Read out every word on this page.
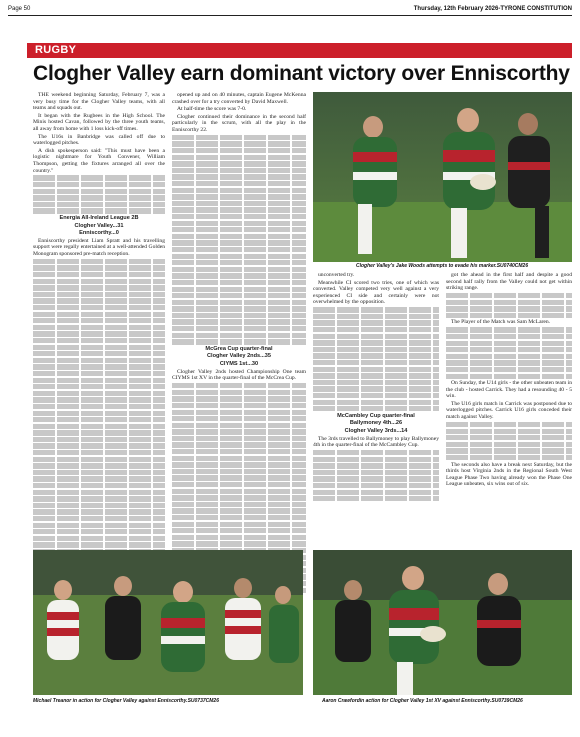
Page 50	Thursday, 12th February 2026-TYRONE CONSTITUTION
RUGBY
Clogher Valley earn dominant victory over Enniscorthy

THE weekend beginning Saturday, February 7, was a very busy time for the Clogher Valley teams, with all teams and squads out.

It began with the Rugbees in the High School. The Minis hosted Cavan, followed by the three youth teams, all away from home with 1 loss kick-off times.

The U16s in Banbridge was called off due to waterlogged pitches.

A dish spokesperson said: "This must have been a logistic nightmare for Youth Convener, William Thompson, getting the fixtures arranged all over the country."

Energia All-Ireland League 2B

Clogher Valley...31

Enniscorthy...0

Enniscorthy president Liam Spratt and his travelling support were regally entertained at a well-attended Golden Monogram sponsored pre-match reception.

opened up and on 40 minutes, captain Eugene McKenna crashed over for a try converted by David Maxwell.

At half-time the score was 7-0.

Clogher continued their dominance in the second half particularly in the scrum, with all the play in the Enniscorthy 22.

McGrea Cup quarter-final

Clogher Valley 2nds...35

CIYMS 1st...30

Clogher Valley 2nds hosted Championship One team CIYMS 1st XV in the quarter-final of the McCrea Cup.

unconverted try.

Meanwhile CI scored two tries, one of which was converted. Valley competed very well against a very experienced CI side and certainly were not overwhelmed by the opposition.

McCambley Cup quarter-final

Ballymoney 4th...26

Clogher Valley 3rds...14

The 3rds travelled to Ballymoney to play Ballymoney 4th in the quarter-final of the McCambley Cup.

got the ahead in the first half and despite a good second half rally from the Valley could not get within striking range.

The Player of the Match was Sam McLaren.

On Sunday, the U14 girls - the other unbeaten team in the club - hosted Carrick. They had a resounding 40 - 5 win.

The U16 girls match in Carrick was postponed due to waterlogged pitches. Carrick U16 girls conceded their match against Valley.

The seconds also have a break next Saturday, but the thirds host Virginia 2nds in the Regional South West League Phase Two having already won the Phase One League unbeaten, six wins out of six.

Clogher Valley's Jake Woods attempts to evade his marker.SU0740CM26
Michael Treanor in action for Clogher Valley against Enniscorthy.SU0737CM26	Aaron Crawfordin action for Clogher Valley 1st XV against Enniscorthy.SU0739CM26
